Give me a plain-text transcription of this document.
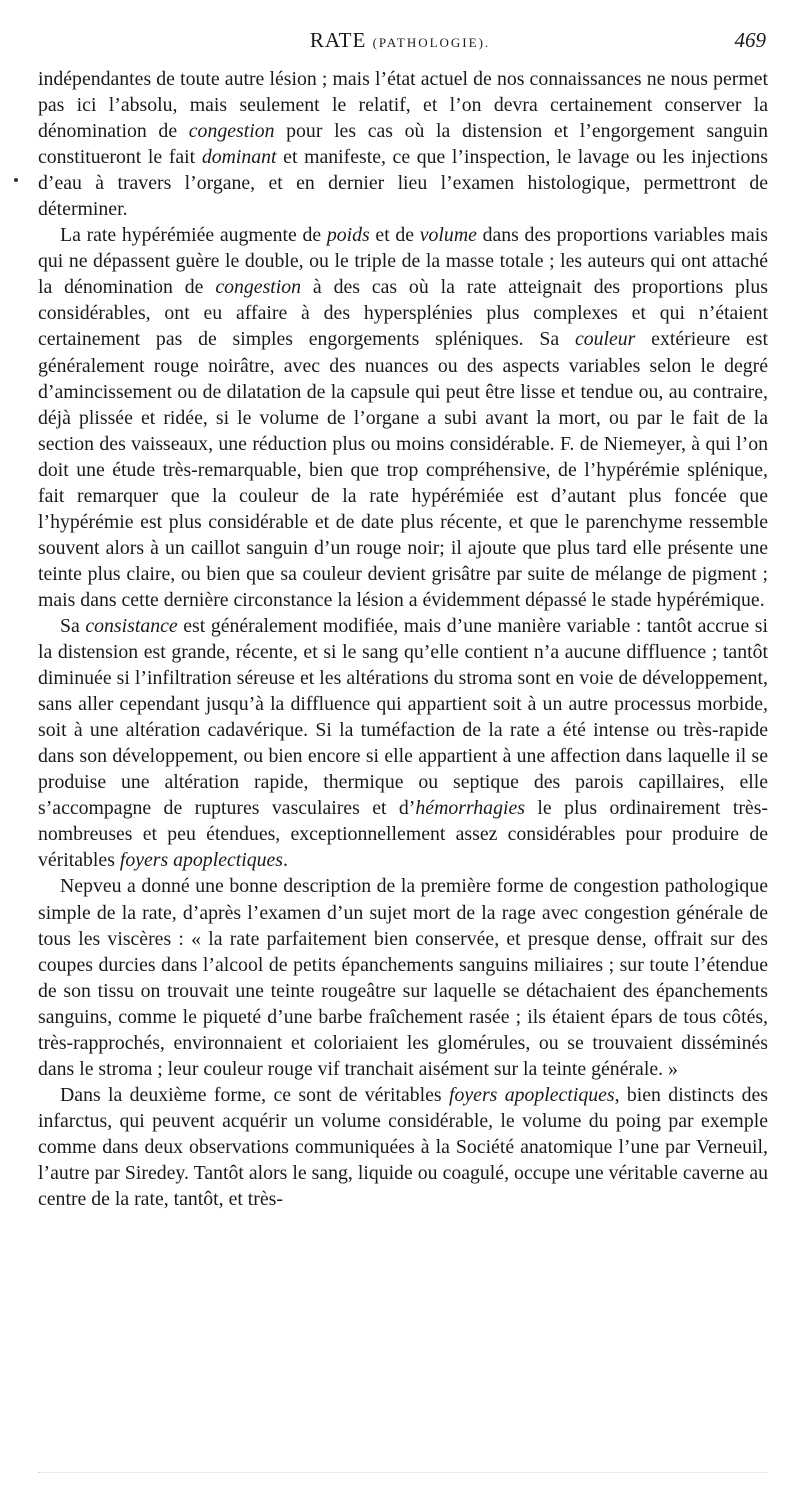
RATE (PATHOLOGIE).	469

indépendantes de toute autre lésion ; mais l’état actuel de nos connaissances ne nous permet pas ici l’absolu, mais seulement le relatif, et l’on devra certainement conserver la dénomination de congestion pour les cas où la distension et l’engorgement sanguin constitueront le fait dominant et manifeste, ce que l’inspection, le lavage ou les injections d’eau à travers l’organe, et en dernier lieu l’examen histologique, permettront de déterminer.

La rate hypérémiée augmente de poids et de volume dans des proportions variables mais qui ne dépassent guère le double, ou le triple de la masse totale ; les auteurs qui ont attaché la dénomination de congestion à des cas où la rate atteignait des proportions plus considérables, ont eu affaire à des hypersplénies plus complexes et qui n’étaient certainement pas de simples engorgements spléniques. Sa couleur extérieure est généralement rouge noirâtre, avec des nuances ou des aspects variables selon le degré d’amincissement ou de dilatation de la capsule qui peut être lisse et tendue ou, au contraire, déjà plissée et ridée, si le volume de l’organe a subi avant la mort, ou par le fait de la section des vaisseaux, une réduction plus ou moins considérable. F. de Niemeyer, à qui l’on doit une étude très-remarquable, bien que trop compréhensive, de l’hypérémie splénique, fait remarquer que la couleur de la rate hypérémiée est d’autant plus foncée que l’hypérémie est plus considérable et de date plus récente, et que le parenchyme ressemble souvent alors à un caillot sanguin d’un rouge noir; il ajoute que plus tard elle présente une teinte plus claire, ou bien que sa couleur devient grisâtre par suite de mélange de pigment ; mais dans cette dernière circonstance la lésion a évidemment dépassé le stade hypérémique.

Sa consistance est généralement modifiée, mais d’une manière variable : tantôt accrue si la distension est grande, récente, et si le sang qu’elle contient n’a aucune diffluence ; tantôt diminuée si l’infiltration séreuse et les altérations du stroma sont en voie de développement, sans aller cependant jusqu’à la diffluence qui appartient soit à un autre processus morbide, soit à une altération cadavérique. Si la tuméfaction de la rate a été intense ou très-rapide dans son développement, ou bien encore si elle appartient à une affection dans laquelle il se produise une altération rapide, thermique ou septique des parois capillaires, elle s’accompagne de ruptures vasculaires et d’hémorrhagies le plus ordinairement très-nombreuses et peu étendues, exceptionnellement assez considérables pour produire de véritables foyers apoplectiques.

Nepveu a donné une bonne description de la première forme de congestion pathologique simple de la rate, d’après l’examen d’un sujet mort de la rage avec congestion générale de tous les viscères : « la rate parfaitement bien conservée, et presque dense, offrait sur des coupes durcies dans l’alcool de petits épanchements sanguins miliaires ; sur toute l’étendue de son tissu on trouvait une teinte rougeâtre sur laquelle se détachaient des épanchements sanguins, comme le piqueté d’une barbe fraîchement rasée ; ils étaient épars de tous côtés, très-rapprochés, environnaient et coloriaient les glomérules, ou se trouvaient disséminés dans le stroma ; leur couleur rouge vif tranchait aisément sur la teinte générale. »

Dans la deuxième forme, ce sont de véritables foyers apoplectiques, bien distincts des infarctus, qui peuvent acquérir un volume considérable, le volume du poing par exemple comme dans deux observations communiquées à la Société anatomique l’une par Verneuil, l’autre par Siredey. Tantôt alors le sang, liquide ou coagulé, occupe une véritable caverne au centre de la rate, tantôt, et très-
